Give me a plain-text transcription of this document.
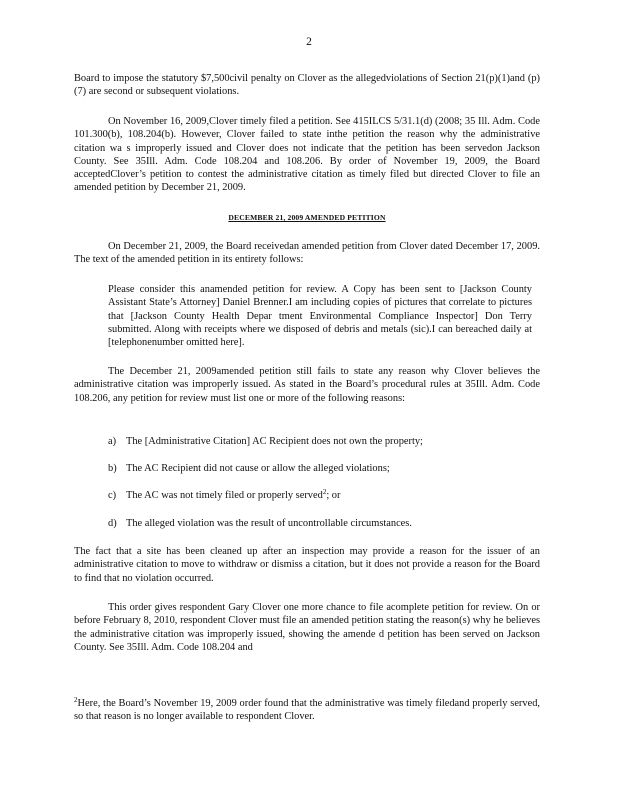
2

Board to impose the statutory $7,500civil penalty on Clover as the allegedviolations of Section 21(p)(1)and (p)(7) are second or subsequent violations.

On November 16, 2009,Clover timely filed a petition. See 415ILCS 5/31.1(d) (2008; 35 Ill. Adm. Code 101.300(b), 108.204(b). However, Clover failed to state inthe petition the reason why the administrative citation wa s improperly issued and Clover does not indicate that the petition has been servedon Jackson County. See 35Ill. Adm. Code 108.204 and 108.206. By order of November 19, 2009, the Board acceptedClover’s petition to contest the administrative citation as timely filed but directed Clover to file an amended petition by December 21, 2009.

DECEMBER 21, 2009 AMENDED PETITION

On December 21, 2009, the Board receivedan amended petition from Clover dated December 17, 2009. The text of the amended petition in its entirety follows:

Please consider this anamended petition for review. A Copy has been sent to [Jackson County Assistant State’s Attorney] Daniel Brenner.I am including copies of pictures that correlate to pictures that [Jackson County Health Depar tment Environmental Compliance Inspector] Don Terry submitted. Along with receipts where we disposed of debris and metals (sic).I can bereached daily at [telephonenumber omitted here].

The December 21, 2009amended petition still fails to state any reason why Clover believes the administrative citation was improperly issued. As stated in the Board’s procedural rules at 35Ill. Adm. Code 108.206, any petition for review must list one or more of the following reasons:

a) The [Administrative Citation] AC Recipient does not own the property;
b) The AC Recipient did not cause or allow the alleged violations;
c) The AC was not timely filed or properly served$^2$; or
d) The alleged violation was the result of uncontrollable circumstances.

The fact that a site has been cleaned up after an inspection may provide a reason for the issuer of an administrative citation to move to withdraw or dismiss a citation, but it does not provide a reason for the Board to find that no violation occurred.

This order gives respondent Gary Clover one more chance to file acomplete petition for review. On or before February 8, 2010, respondent Clover must file an amended petition stating the reason(s) why he believes the administrative citation was improperly issued, showing the amende d petition has been served on Jackson County. See 35Ill. Adm. Code 108.204 and

$^2$Here, the Board’s November 19, 2009 order found that the administrative was timely filedand properly served, so that reason is no longer available to respondent Clover.
